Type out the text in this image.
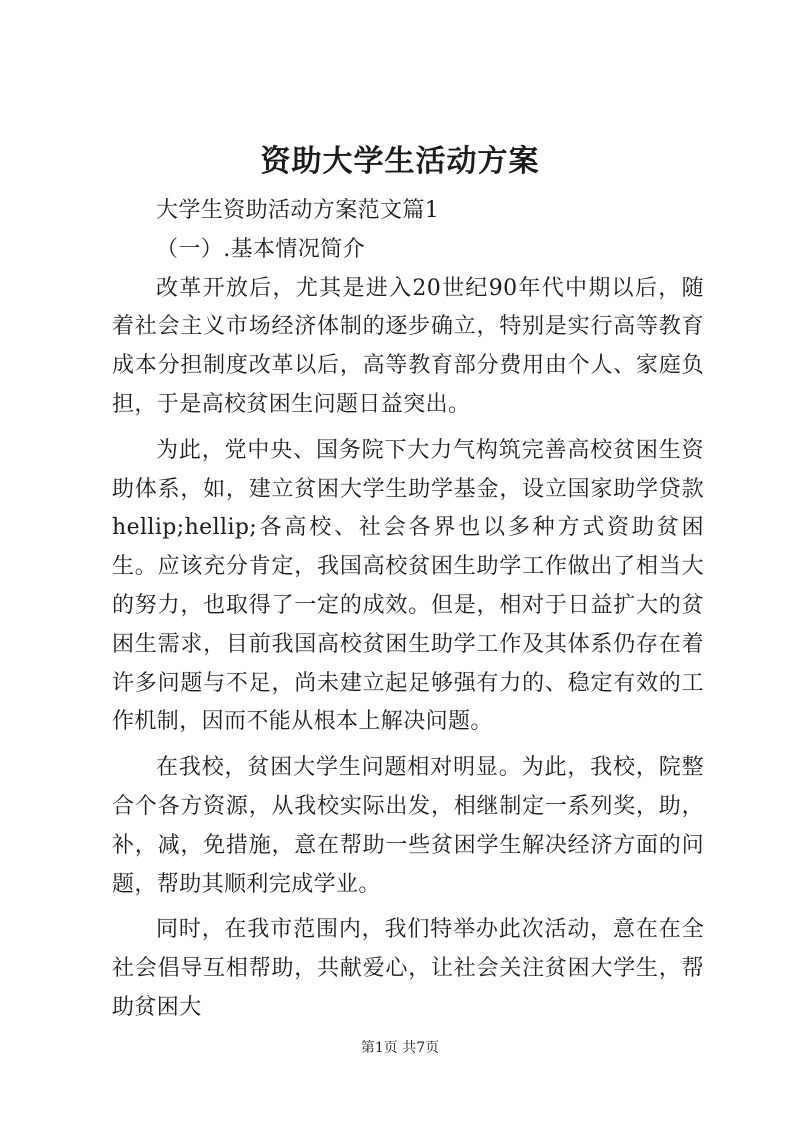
资助大学生活动方案

大学生资助活动方案范文篇1

（一）.基本情况简介

改革开放后，尤其是进入20世纪90年代中期以后，随着社会主义市场经济体制的逐步确立，特别是实行高等教育成本分担制度改革以后，高等教育部分费用由个人、家庭负担，于是高校贫困生问题日益突出。

为此，党中央、国务院下大力气构筑完善高校贫困生资助体系，如，建立贫困大学生助学基金，设立国家助学贷款hellip;hellip;各高校、社会各界也以多种方式资助贫困生。应该充分肯定，我国高校贫困生助学工作做出了相当大的努力，也取得了一定的成效。但是，相对于日益扩大的贫困生需求，目前我国高校贫困生助学工作及其体系仍存在着许多问题与不足，尚未建立起足够强有力的、稳定有效的工作机制，因而不能从根本上解决问题。

在我校，贫困大学生问题相对明显。为此，我校，院整合个各方资源，从我校实际出发，相继制定一系列奖，助，补，减，免措施，意在帮助一些贫困学生解决经济方面的问题，帮助其顺利完成学业。

同时，在我市范围内，我们特举办此次活动，意在在全社会倡导互相帮助，共献爱心，让社会关注贫困大学生，帮助贫困大

第1页 共7页
